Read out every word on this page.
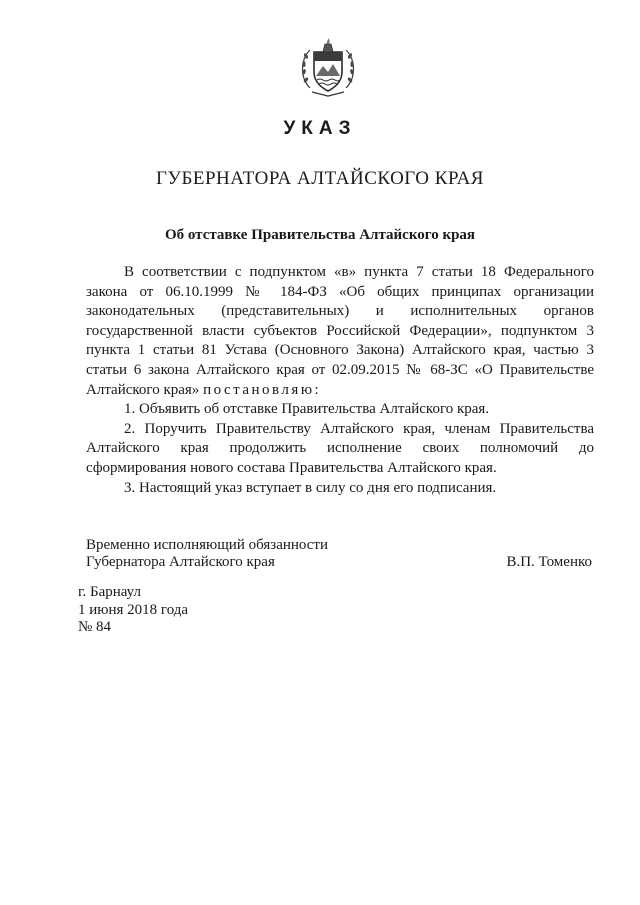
УКАЗ
ГУБЕРНАТОРА АЛТАЙСКОГО КРАЯ
Об отставке Правительства Алтайского края

В соответствии с подпунктом «в» пункта 7 статьи 18 Федерального закона от 06.10.1999 № 184-ФЗ «Об общих принципах организации законодательных (представительных) и исполнительных органов государственной власти субъектов Российской Федерации», подпунктом 3 пункта 1 статьи 81 Устава (Основного Закона) Алтайского края, частью 3 статьи 6 закона Алтайского края от 02.09.2015 № 68-ЗС «О Правительстве Алтайского края» постановляю:

1. Объявить об отставке Правительства Алтайского края.

2. Поручить Правительству Алтайского края, членам Правительства Алтайского края продолжить исполнение своих полномочий до сформирования нового состава Правительства Алтайского края.

3. Настоящий указ вступает в силу со дня его подписания.

Временно исполняющий обязанности
Губернатора Алтайского края	В.П. Томенко
г. Барнаул
1 июня 2018 года
№ 84
